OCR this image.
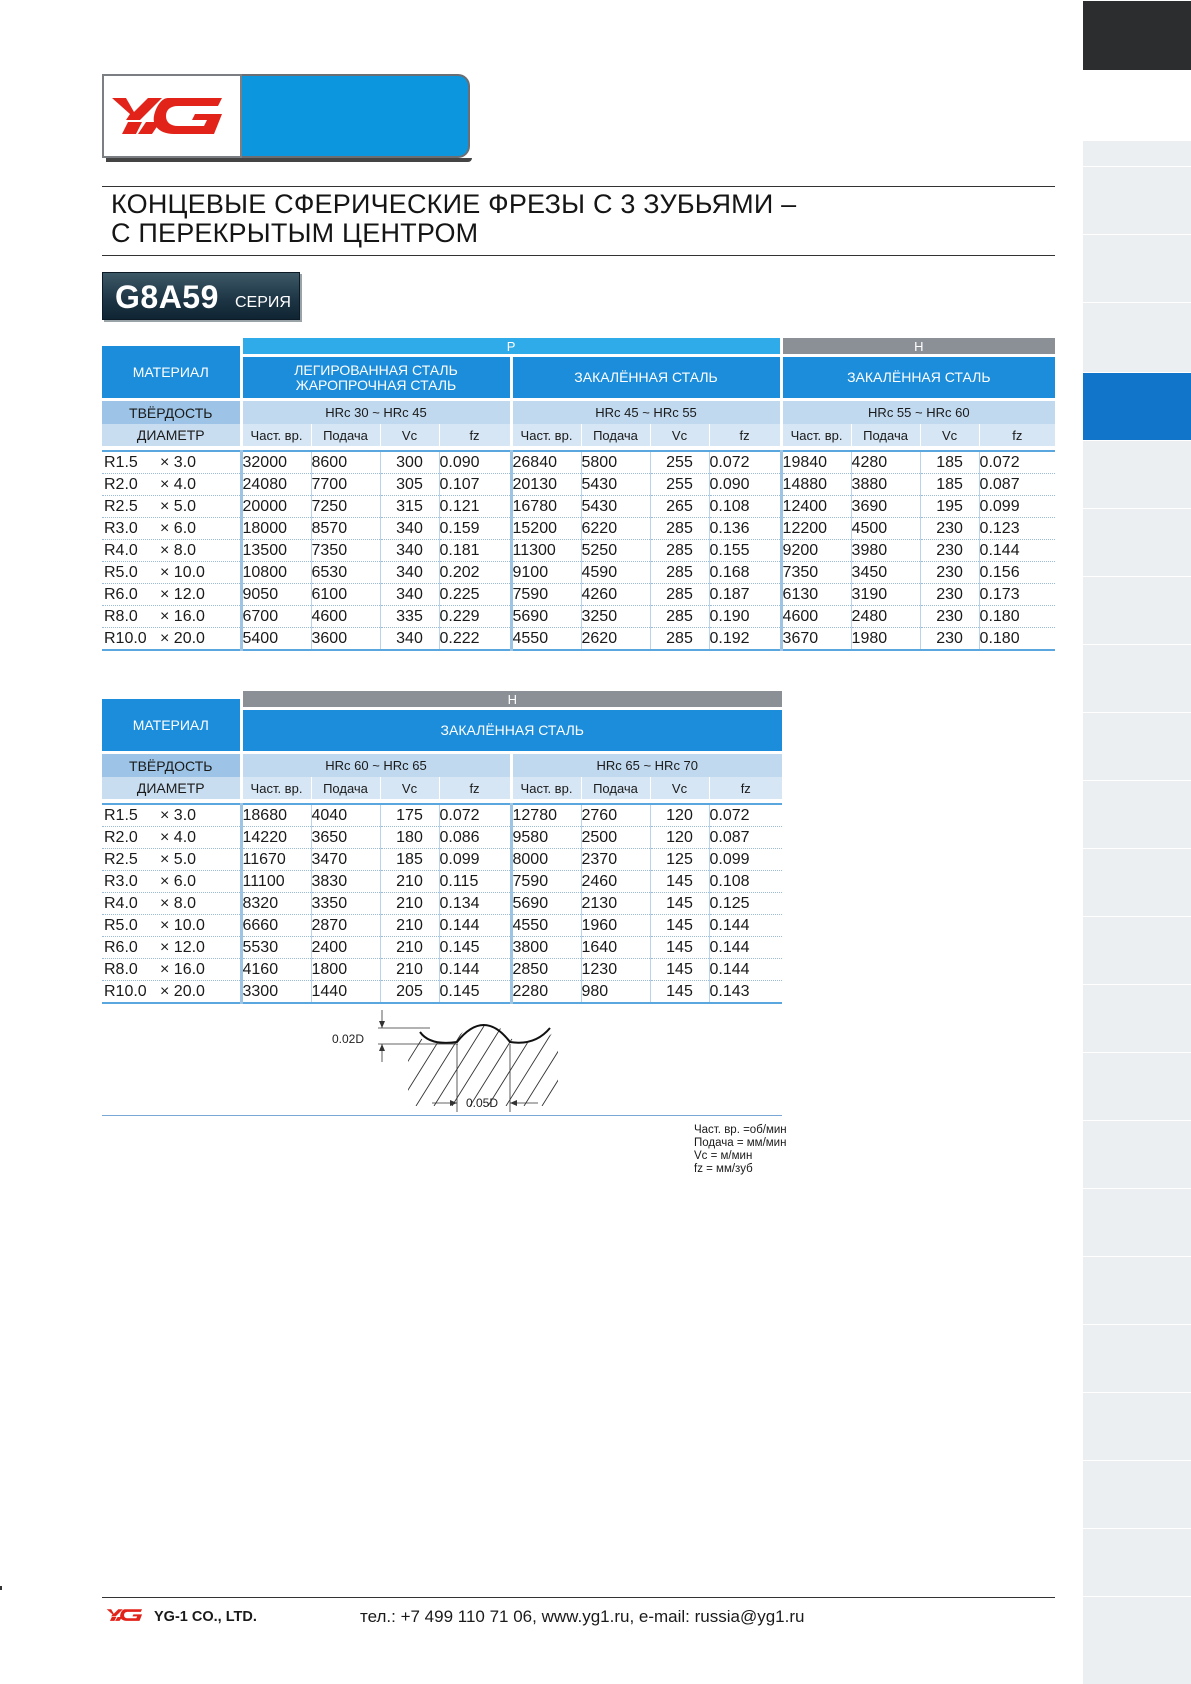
КОНЦЕВЫЕ СФЕРИЧЕСКИЕ ФРЕЗЫ С 3 ЗУБЬЯМИ –
С ПЕРЕКРЫТЫМ ЦЕНТРОМ
G8A59 СЕРИЯ
МАТЕРИАЛ	P								H			

	ЛЕГИРОВАННАЯ СТАЛЬ
ЖАРОПРОЧНАЯ СТАЛЬ				ЗАКАЛЁННАЯ СТАЛЬ				ЗАКАЛЁННАЯ СТАЛЬ			
ТВЁРДОСТЬ	HRc 30 ~ HRc 45				HRc 45 ~ HRc 55				HRc 55 ~ HRc 60			
ДИАМЕТР	Част. вр.	Подача	Vc	fz	Част. вр.	Подача	Vc	fz	Част. вр.	Подача	Vc	fz

R1.5 × 3.0	32000	8600	300	0.090	26840	5800	255	0.072	19840	4280	185	0.072
R2.0 × 4.0	24080	7700	305	0.107	20130	5430	255	0.090	14880	3880	185	0.087
R2.5 × 5.0	20000	7250	315	0.121	16780	5430	265	0.108	12400	3690	195	0.099
R3.0 × 6.0	18000	8570	340	0.159	15200	6220	285	0.136	12200	4500	230	0.123
R4.0 × 8.0	13500	7350	340	0.181	11300	5250	285	0.155	9200	3980	230	0.144
R5.0 × 10.0	10800	6530	340	0.202	9100	4590	285	0.168	7350	3450	230	0.156
R6.0 × 12.0	9050	6100	340	0.225	7590	4260	285	0.187	6130	3190	230	0.173
R8.0 × 16.0	6700	4600	335	0.229	5690	3250	285	0.190	4600	2480	230	0.180
R10.0 × 20.0	5400	3600	340	0.222	4550	2620	285	0.192	3670	1980	230	0.180
МАТЕРИАЛ	H							
	ЗАКАЛЁННАЯ СТАЛЬ							
ТВЁРДОСТЬ	HRc 60 ~ HRc 65				HRc 65 ~ HRc 70			
ДИАМЕТР	Част. вр.	Подача	Vc	fz	Част. вр.	Подача	Vc	fz

R1.5 × 3.0	18680	4040	175	0.072	12780	2760	120	0.072
R2.0 × 4.0	14220	3650	180	0.086	9580	2500	120	0.087
R2.5 × 5.0	11670	3470	185	0.099	8000	2370	125	0.099
R3.0 × 6.0	11100	3830	210	0.115	7590	2460	145	0.108
R4.0 × 8.0	8320	3350	210	0.134	5690	2130	145	0.125
R5.0 × 10.0	6660	2870	210	0.144	4550	1960	145	0.144
R6.0 × 12.0	5530	2400	210	0.145	3800	1640	145	0.144
R8.0 × 16.0	4160	1800	210	0.144	2850	1230	145	0.144
R10.0 × 20.0	3300	1440	205	0.145	2280	980	145	0.143
0.02D
0.05D
Част. вр. =об/мин
Подача = мм/мин
Vc = м/мин
fz = мм/зуб
YG-1 CO., LTD.	тел.: +7 499 110 71 06, www.yg1.ru, e-mail: russia@yg1.ru
